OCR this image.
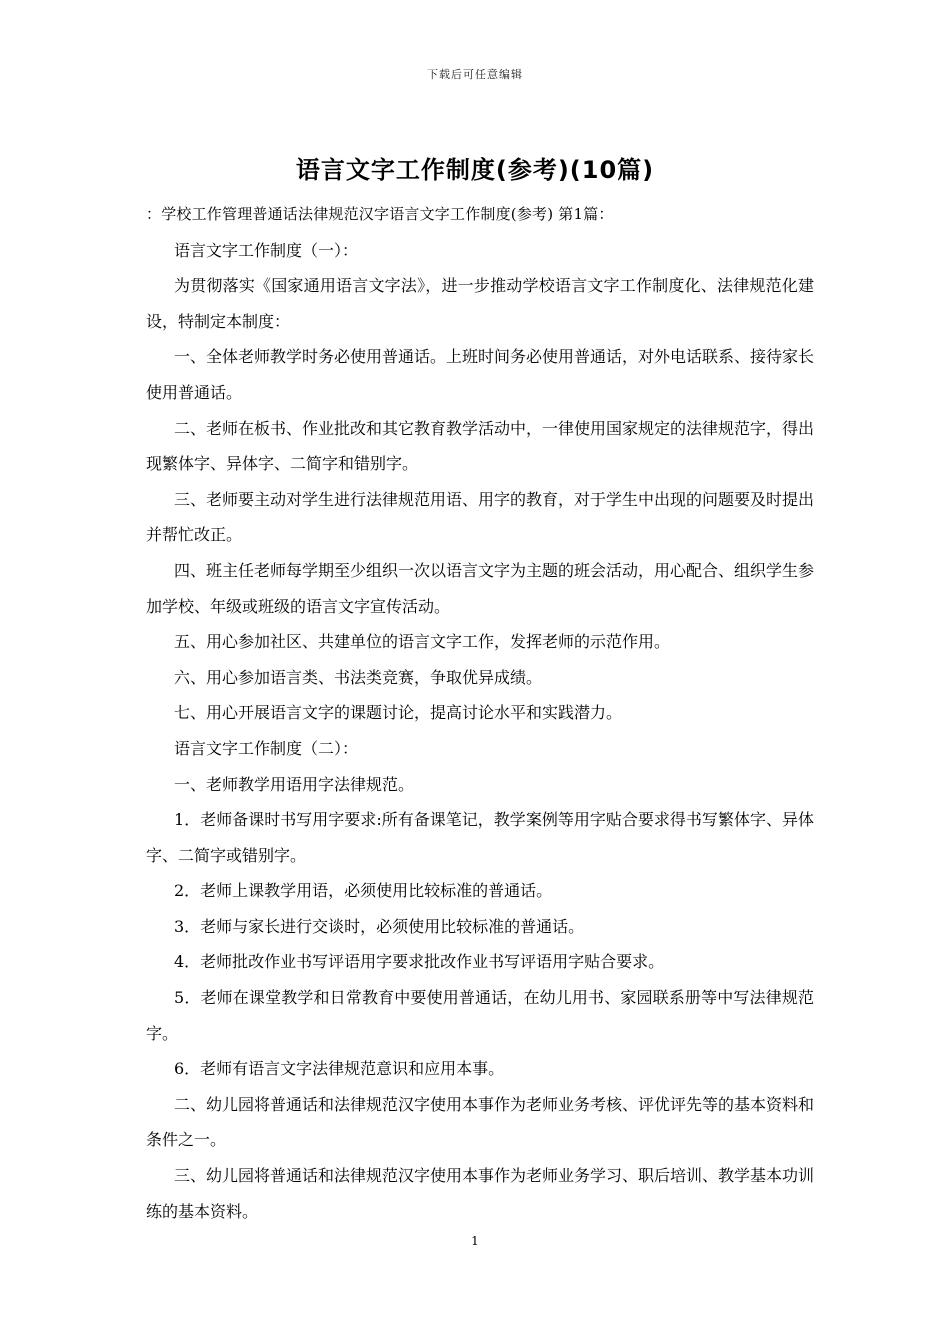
下载后可任意编辑
语言文字工作制度(参考)(10篇)

：学校工作管理普通话法律规范汉字语言文字工作制度(参考) 第1篇：

语言文字工作制度（一）：

为贯彻落实《国家通用语言文字法》，进一步推动学校语言文字工作制度化、法律规范化建设，特制定本制度：

一、全体老师教学时务必使用普通话。上班时间务必使用普通话，对外电话联系、接待家长使用普通话。

二、老师在板书、作业批改和其它教育教学活动中，一律使用国家规定的法律规范字，得出现繁体字、异体字、二简字和错别字。

三、老师要主动对学生进行法律规范用语、用字的教育，对于学生中出现的问题要及时提出并帮忙改正。

四、班主任老师每学期至少组织一次以语言文字为主题的班会活动，用心配合、组织学生参加学校、年级或班级的语言文字宣传活动。

五、用心参加社区、共建单位的语言文字工作，发挥老师的示范作用。

六、用心参加语言类、书法类竞赛，争取优异成绩。

七、用心开展语言文字的课题讨论，提高讨论水平和实践潜力。

语言文字工作制度（二）：

一、老师教学用语用字法律规范。

1．老师备课时书写用字要求:所有备课笔记，教学案例等用字贴合要求得书写繁体字、异体字、二简字或错别字。

2．老师上课教学用语，必须使用比较标准的普通话。

3．老师与家长进行交谈时，必须使用比较标准的普通话。

4．老师批改作业书写评语用字要求批改作业书写评语用字贴合要求。

5．老师在课堂教学和日常教育中要使用普通话，在幼儿用书、家园联系册等中写法律规范字。

6．老师有语言文字法律规范意识和应用本事。

二、幼儿园将普通话和法律规范汉字使用本事作为老师业务考核、评优评先等的基本资料和条件之一。

三、幼儿园将普通话和法律规范汉字使用本事作为老师业务学习、职后培训、教学基本功训练的基本资料。

1
